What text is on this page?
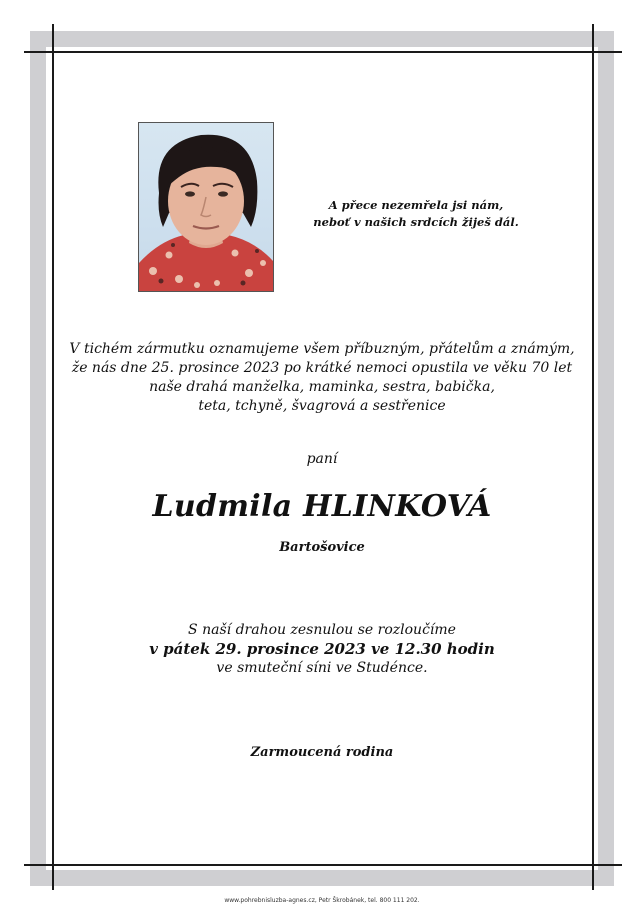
A přece nezemřela jsi nám,
neboť v našich srdcích žiješ dál.
V tichém zármutku oznamujeme všem příbuzným, přátelům a známým,
že nás dne 25. prosince 2023 po krátké nemoci opustila ve věku 70 let
naše drahá manželka, maminka, sestra, babička,
teta, tchyně, švagrová a sestřenice
paní
Ludmila HLINKOVÁ
Bartošovice
S naší drahou zesnulou se rozloučíme
v pátek 29. prosince 2023 ve 12.30 hodin
ve smuteční síni ve Studénce.
Zarmoucená rodina
www.pohrebnisluzba-agnes.cz, Petr Škrobánek, tel. 800 111 202.
